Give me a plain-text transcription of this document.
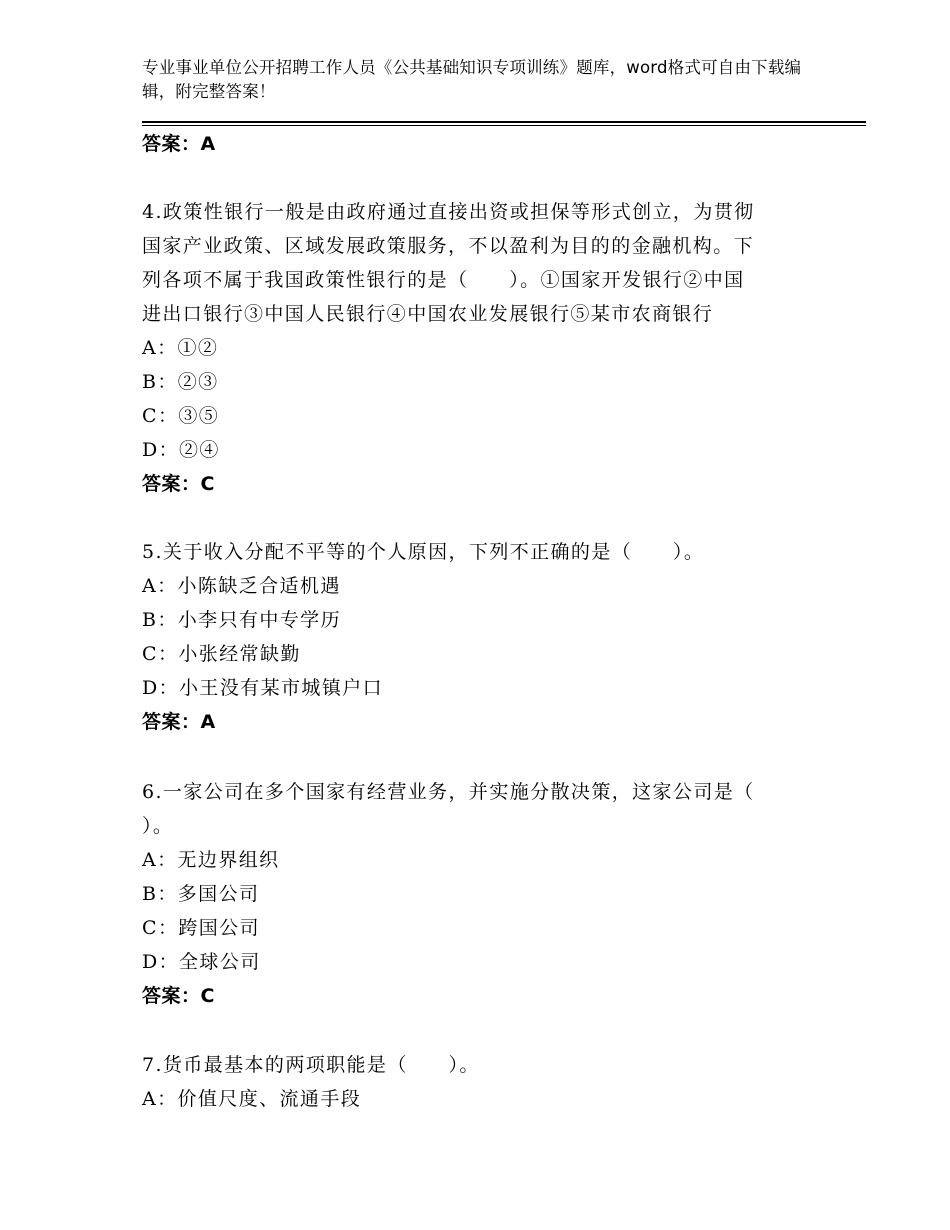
专业事业单位公开招聘工作人员《公共基础知识专项训练》题库，word格式可自由下载编辑，附完整答案！
答案：A
4.政策性银行一般是由政府通过直接出资或担保等形式创立，为贯彻
国家产业政策、区域发展政策服务，不以盈利为目的的金融机构。下
列各项不属于我国政策性银行的是（　　）。①国家开发银行②中国
进出口银行③中国人民银行④中国农业发展银行⑤某市农商银行
A：①②
B：②③
C：③⑤
D：②④
答案：C
5.关于收入分配不平等的个人原因，下列不正确的是（　　）。
A：小陈缺乏合适机遇
B：小李只有中专学历
C：小张经常缺勤
D：小王没有某市城镇户口
答案：A
6.一家公司在多个国家有经营业务，并实施分散决策，这家公司是（
）。
A：无边界组织
B：多国公司
C：跨国公司
D：全球公司
答案：C
7.货币最基本的两项职能是（　　）。
A：价值尺度、流通手段
